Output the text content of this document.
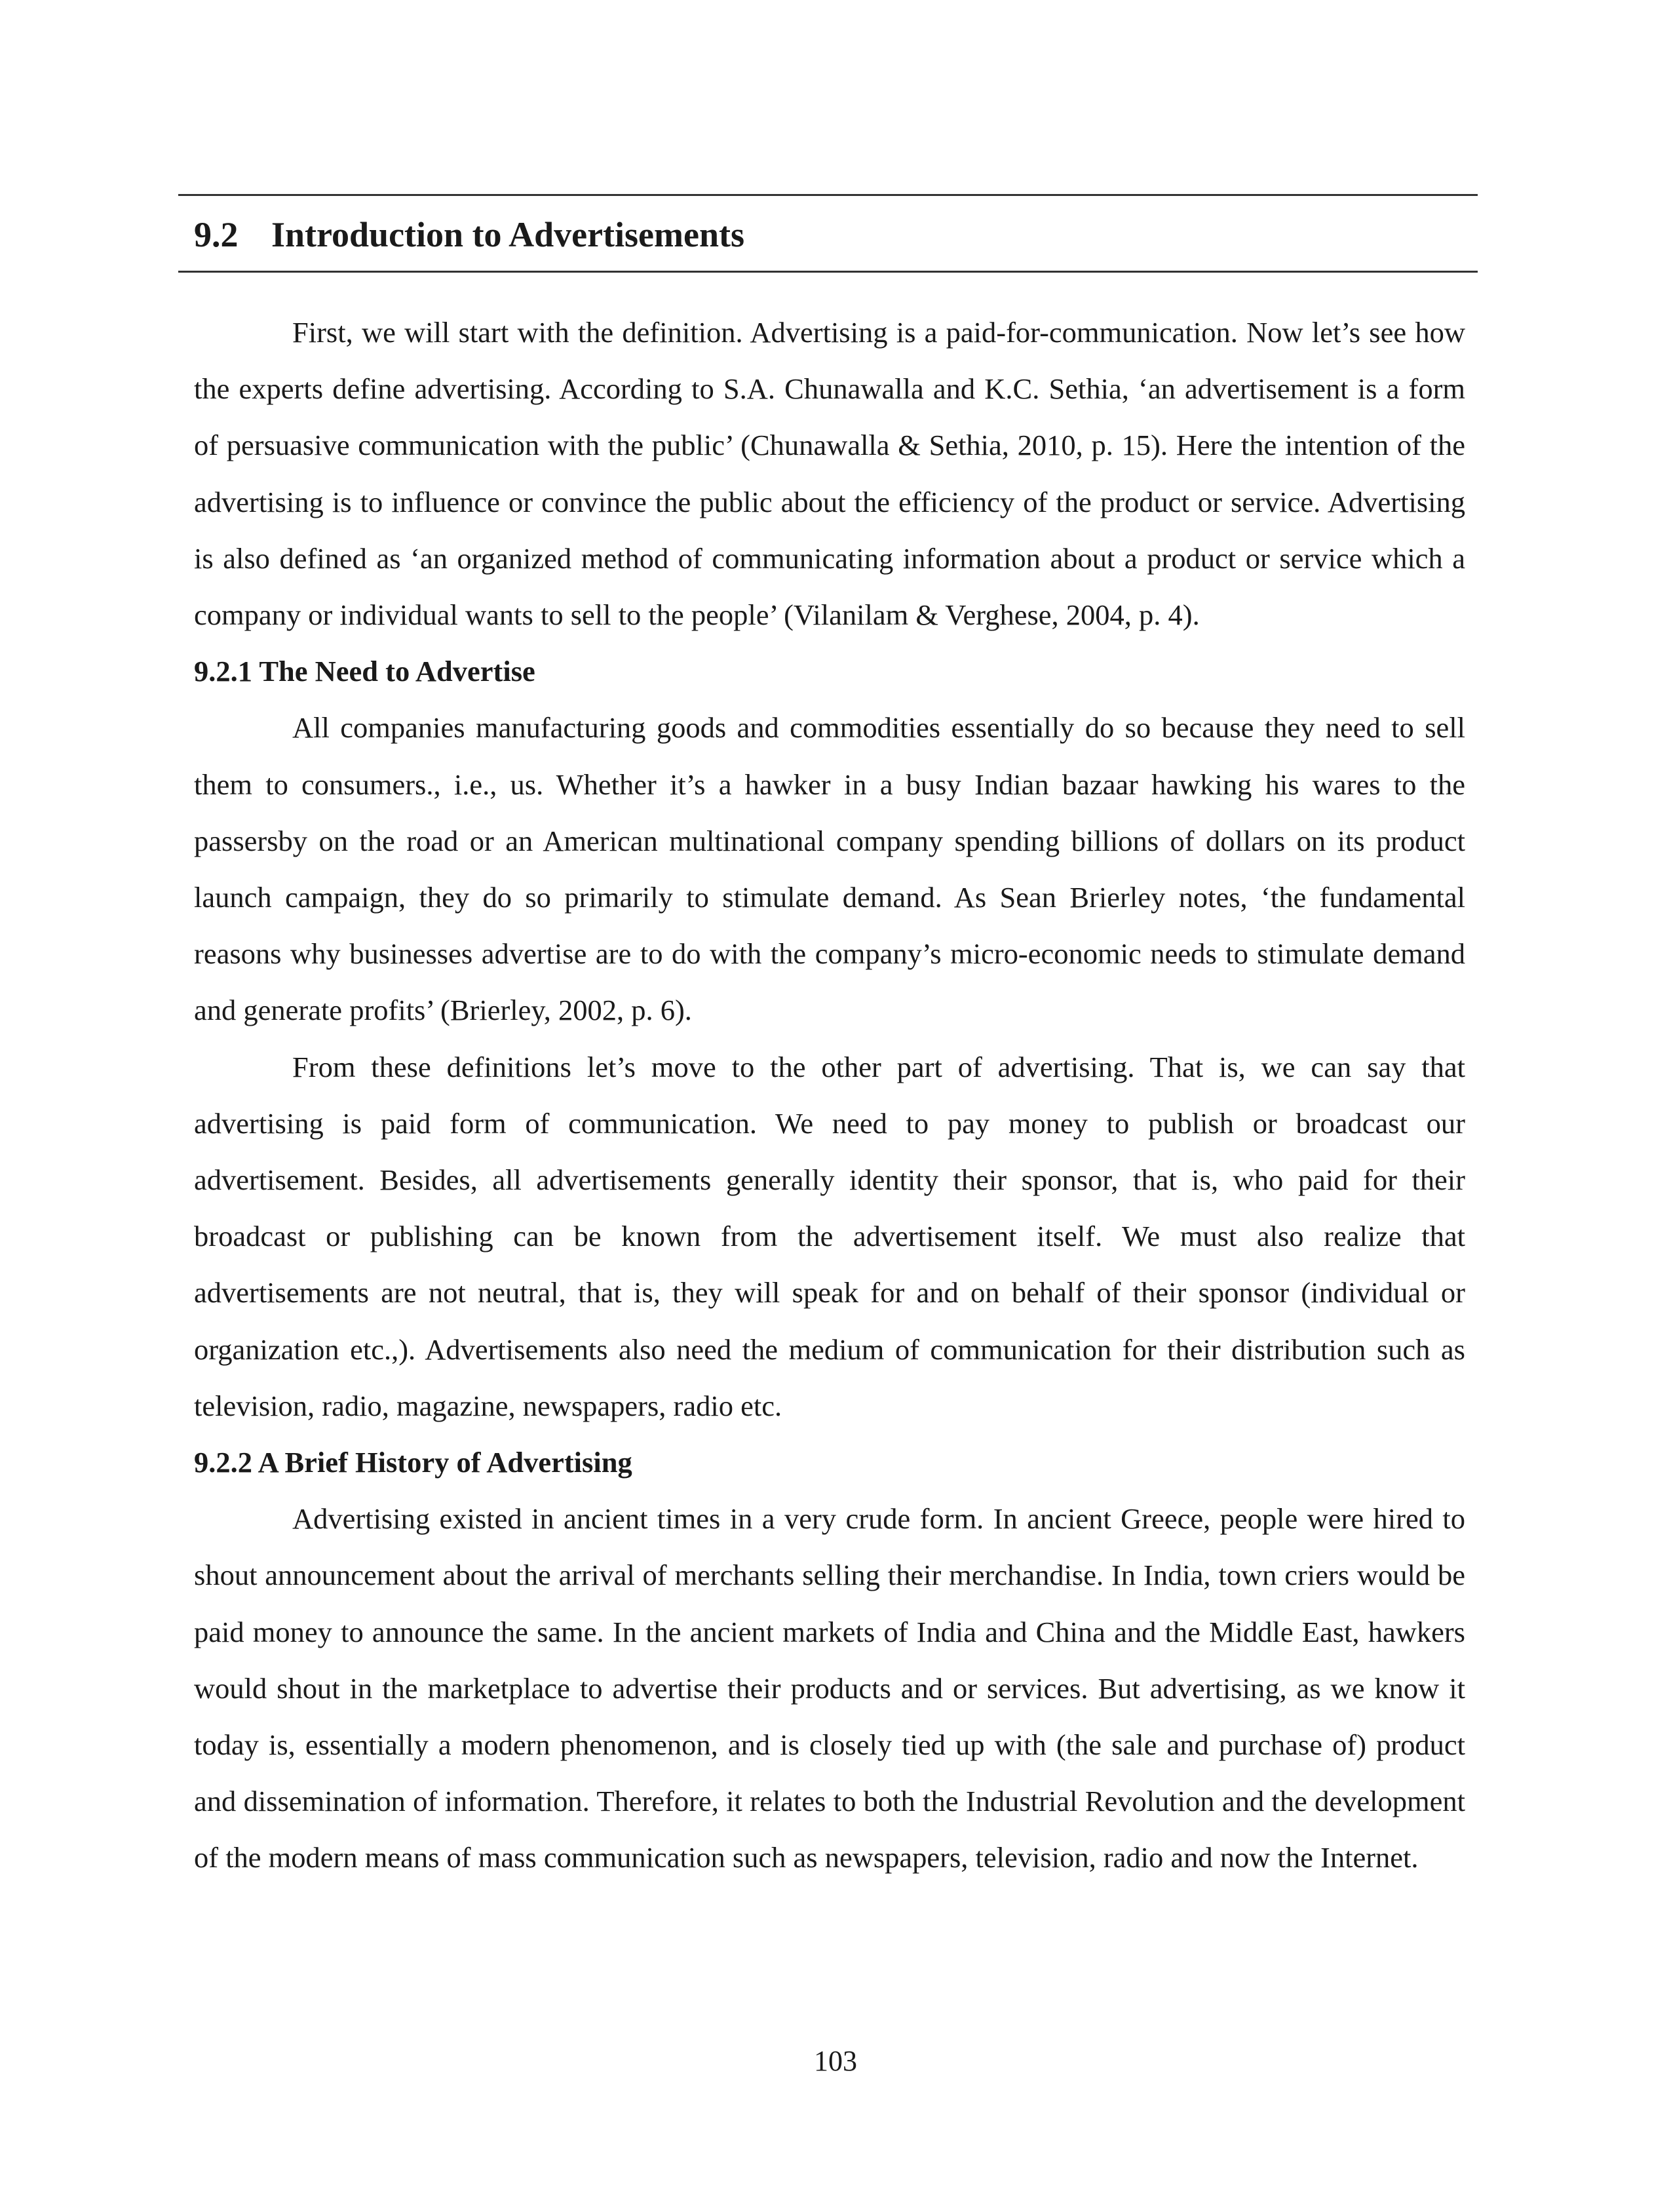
9.2 Introduction to Advertisements

First, we will start with the definition. Advertising is a paid-for-communication. Now let’s see how the experts define advertising. According to S.A. Chunawalla and K.C. Sethia, ‘an advertisement is a form of persuasive communication with the public’ (Chunawalla & Sethia, 2010, p. 15). Here the intention of the advertising is to influence or convince the public about the efficiency of the product or service. Advertising is also defined as ‘an organized method of communicating information about a product or service which a company or individual wants to sell to the people’ (Vilanilam & Verghese, 2004, p. 4).

9.2.1 The Need to Advertise

All companies manufacturing goods and commodities essentially do so because they need to sell them to consumers., i.e., us. Whether it’s a hawker in a busy Indian bazaar hawking his wares to the passersby on the road or an American multinational company spending billions of dollars on its product launch campaign, they do so primarily to stimulate demand. As Sean Brierley notes, ‘the fundamental reasons why businesses advertise are to do with the company’s micro-economic needs to stimulate demand and generate profits’ (Brierley, 2002, p. 6).

From these definitions let’s move to the other part of advertising. That is, we can say that advertising is paid form of communication. We need to pay money to publish or broadcast our advertisement. Besides, all advertisements generally identity their sponsor, that is, who paid for their broadcast or publishing can be known from the advertisement itself. We must also realize that advertisements are not neutral, that is, they will speak for and on behalf of their sponsor (individual or organization etc.,). Advertisements also need the medium of communication for their distribution such as television, radio, magazine, newspapers, radio etc.

9.2.2 A Brief History of Advertising

Advertising existed in ancient times in a very crude form. In ancient Greece, people were hired to shout announcement about the arrival of merchants selling their merchandise. In India, town criers would be paid money to announce the same. In the ancient markets of India and China and the Middle East, hawkers would shout in the marketplace to advertise their products and or services. But advertising, as we know it today is, essentially a modern phenomenon, and is closely tied up with (the sale and purchase of) product and dissemination of information. Therefore, it relates to both the Industrial Revolution and the development of the modern means of mass communication such as newspapers, television, radio and now the Internet.

103
